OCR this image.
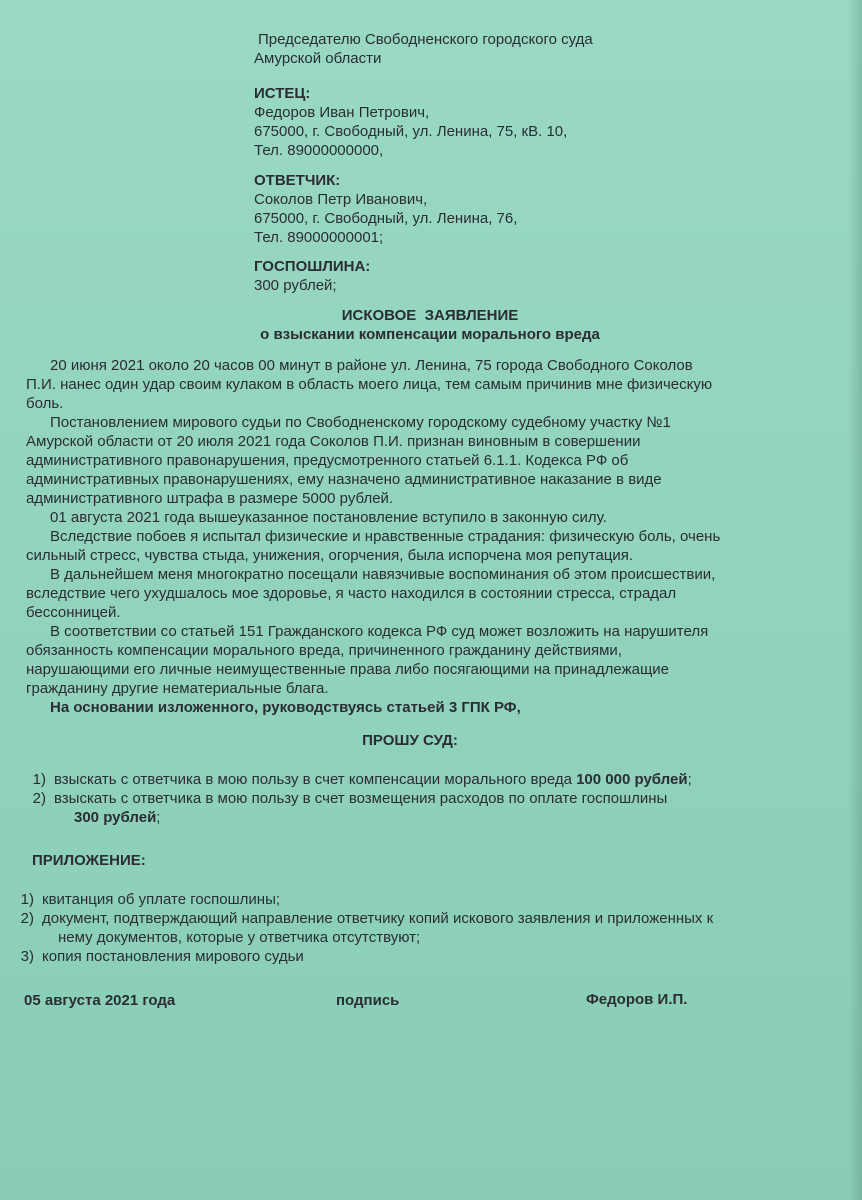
Председателю Свободненского городского суда
Амурской области
ИСТЕЦ:
Федоров Иван Петрович,
675000, г. Свободный, ул. Ленина, 75, кВ. 10,
Тел. 89000000000,
ОТВЕТЧИК:
Соколов Петр Иванович,
675000, г. Свободный, ул. Ленина, 76,
Тел. 89000000001;
ГОСПОШЛИНА:
300 рублей;
ИСКОВОЕ  ЗАЯВЛЕНИЕ
о взыскании компенсации морального вреда
20 июня 2021 около 20 часов 00 минут в районе ул. Ленина, 75 города Свободного Соколов
П.И. нанес один удар своим кулаком в область моего лица, тем самым причинив мне физическую
боль.
Постановлением мирового судьи по Свободненскому городскому судебному участку №1
Амурской области от 20 июля 2021 года Соколов П.И. признан виновным в совершении
административного правонарушения, предусмотренного статьей 6.1.1. Кодекса РФ об
административных правонарушениях, ему назначено административное наказание в виде
административного штрафа в размере 5000 рублей.
01 августа 2021 года вышеуказанное постановление вступило в законную силу.
Вследствие побоев я испытал физические и нравственные страдания: физическую боль, очень
сильный стресс, чувства стыда, унижения, огорчения, была испорчена моя репутация.
В дальнейшем меня многократно посещали навязчивые воспоминания об этом происшествии,
вследствие чего ухудшалось мое здоровье, я часто находился в состоянии стресса, страдал
бессонницей.
В соответствии со статьей 151 Гражданского кодекса РФ суд может возложить на нарушителя
обязанность компенсации морального вреда, причиненного гражданину действиями,
нарушающими его личные неимущественные права либо посягающими на принадлежащие
гражданину другие нематериальные блага.
На основании изложенного, руководствуясь статьей 3 ГПК РФ,
ПРОШУ СУД:
1) взыскать с ответчика в мою пользу в счет компенсации морального вреда 100 000 рублей;
2) взыскать с ответчика в мою пользу в счет возмещения расходов по оплате госпошлины
300 рублей;
ПРИЛОЖЕНИЕ:
1) квитанция об уплате госпошлины;
2) документ, подтверждающий направление ответчику копий искового заявления и приложенных к
нему документов, которые у ответчика отсутствуют;
3) копия постановления мирового судьи
05 августа 2021 года	подпись	Федоров И.П.
